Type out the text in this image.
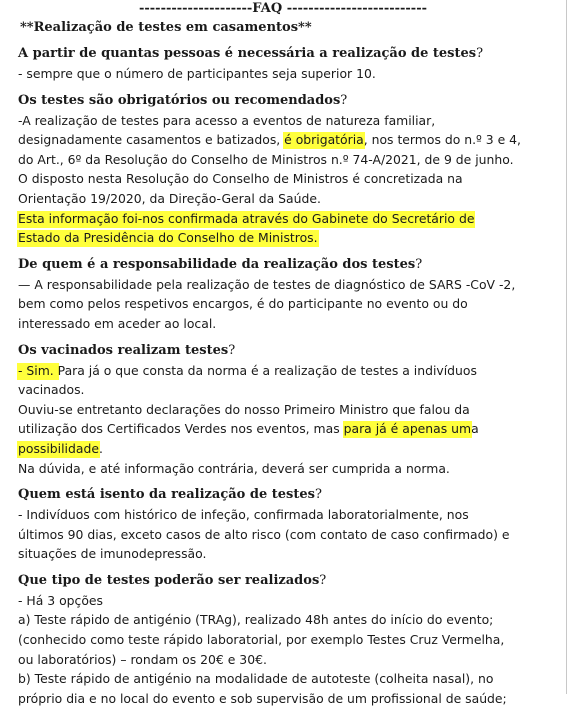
---------------------FAQ --------------------------
**Realização de testes em casamentos**
A partir de quantas pessoas é necessária a realização de testes?
- sempre que o número de participantes seja superior 10.
Os testes são obrigatórios ou recomendados?
-A realização de testes para acesso a eventos de natureza familiar,
designadamente casamentos e batizados, é obrigatória, nos termos do n.º 3 e 4,
do Art., 6º da Resolução do Conselho de Ministros n.º 74-A/2021, de 9 de junho.
O disposto nesta Resolução do Conselho de Ministros é concretizada na
Orientação 19/2020, da Direção-Geral da Saúde.
Esta informação foi-nos confirmada através do Gabinete do Secretário de
Estado da Presidência do Conselho de Ministros.
De quem é a responsabilidade da realização dos testes?
— A responsabilidade pela realização de testes de diagnóstico de SARS -CoV -2,
bem como pelos respetivos encargos, é do participante no evento ou do
interessado em aceder ao local.
Os vacinados realizam testes?
- Sim. Para já o que consta da norma é a realização de testes a indivíduos
vacinados.
Ouviu-se entretanto declarações do nosso Primeiro Ministro que falou da
utilização dos Certificados Verdes nos eventos, mas para já é apenas uma
possibilidade.
Na dúvida, e até informação contrária, deverá ser cumprida a norma.
Quem está isento da realização de testes?
- Indivíduos com histórico de infeção, confirmada laboratorialmente, nos
últimos 90 dias, exceto casos de alto risco (com contato de caso confirmado) e
situações de imunodepressão.
Que tipo de testes poderão ser realizados?
- Há 3 opções
a) Teste rápido de antigénio (TRAg), realizado 48h antes do início do evento;
(conhecido como teste rápido laboratorial, por exemplo Testes Cruz Vermelha,
ou laboratórios) – rondam os 20€ e 30€.
b) Teste rápido de antigénio na modalidade de autoteste (colheita nasal), no
próprio dia e no local do evento e sob supervisão de um profissional de saúde;
